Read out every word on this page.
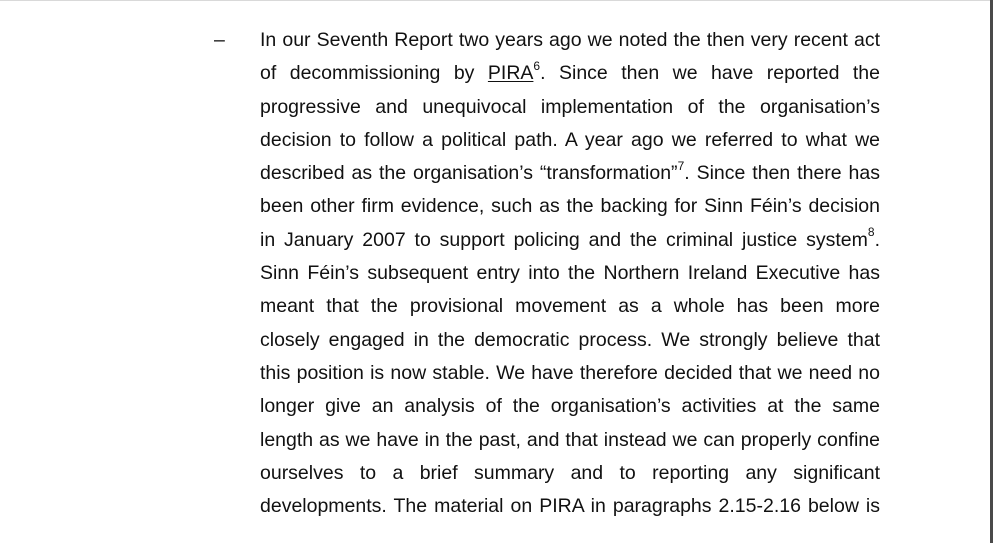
– In our Seventh Report two years ago we noted the then very recent act
of decommissioning by PIRA$^6$. Since then we have reported the
progressive and unequivocal implementation of the organisation’s
decision to follow a political path. A year ago we referred to what we
described as the organisation’s “transformation”$^7$. Since then there has
been other firm evidence, such as the backing for Sinn Féin’s decision
in January 2007 to support policing and the criminal justice system$^8$.
Sinn Féin’s subsequent entry into the Northern Ireland Executive has
meant that the provisional movement as a whole has been more
closely engaged in the democratic process. We strongly believe that
this position is now stable. We have therefore decided that we need no
longer give an analysis of the organisation’s activities at the same
length as we have in the past, and that instead we can properly confine
ourselves to a brief summary and to reporting any significant
developments. The material on PIRA in paragraphs 2.15-2.16 below is
